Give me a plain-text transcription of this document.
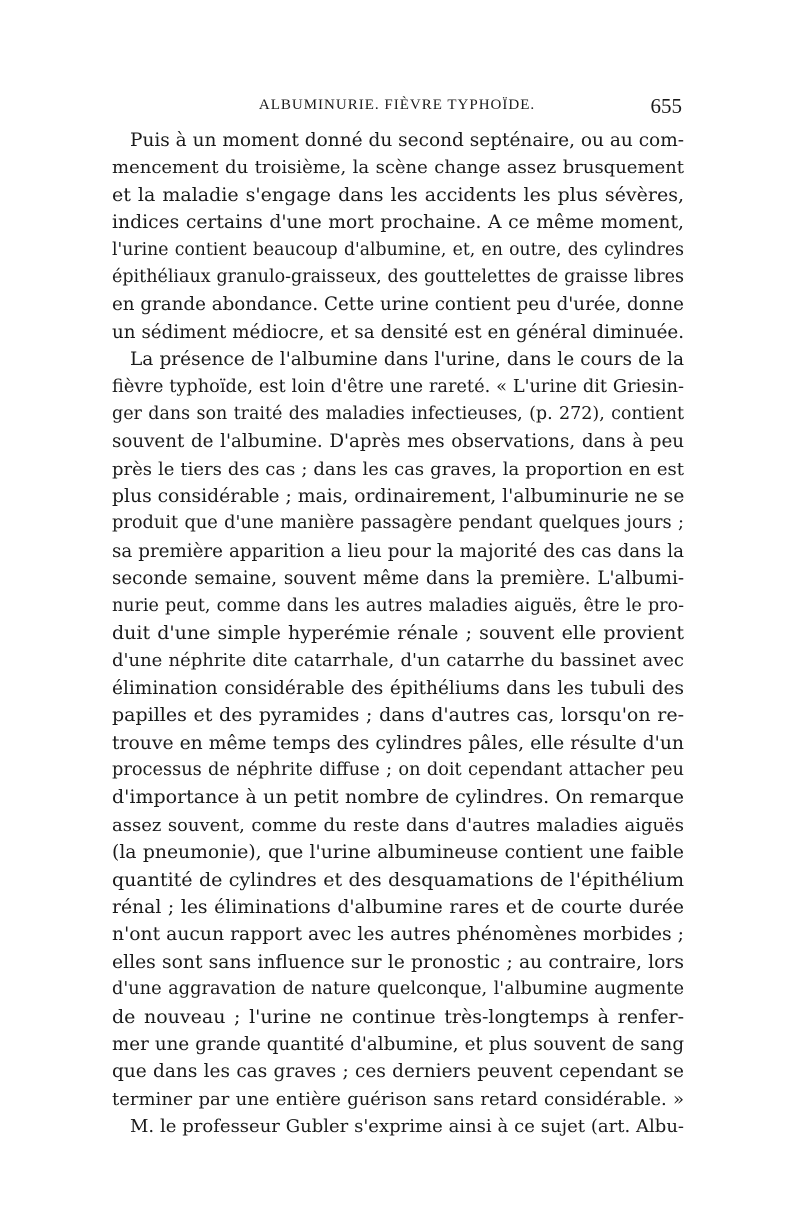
ALBUMINURIE. FIÈVRE TYPHOÏDE.	655
Puis à un moment donné du second septénaire, ou au com-
mencement du troisième, la scène change assez brusquement
et la maladie s'engage dans les accidents les plus sévères,
indices certains d'une mort prochaine. A ce même moment,
l'urine contient beaucoup d'albumine, et, en outre, des cylindres
épithéliaux granulo-graisseux, des gouttelettes de graisse libres
en grande abondance. Cette urine contient peu d'urée, donne
un sédiment médiocre, et sa densité est en général diminuée.
La présence de l'albumine dans l'urine, dans le cours de la
fièvre typhoïde, est loin d'être une rareté. « L'urine dit Griesin-
ger dans son traité des maladies infectieuses, (p. 272), contient
souvent de l'albumine. D'après mes observations, dans à peu
près le tiers des cas ; dans les cas graves, la proportion en est
plus considérable ; mais, ordinairement, l'albuminurie ne se
produit que d'une manière passagère pendant quelques jours ;
sa première apparition a lieu pour la majorité des cas dans la
seconde semaine, souvent même dans la première. L'albumi-
nurie peut, comme dans les autres maladies aiguës, être le pro-
duit d'une simple hyperémie rénale ; souvent elle provient
d'une néphrite dite catarrhale, d'un catarrhe du bassinet avec
élimination considérable des épithéliums dans les tubuli des
papilles et des pyramides ; dans d'autres cas, lorsqu'on re-
trouve en même temps des cylindres pâles, elle résulte d'un
processus de néphrite diffuse ; on doit cependant attacher peu
d'importance à un petit nombre de cylindres. On remarque
assez souvent, comme du reste dans d'autres maladies aiguës
(la pneumonie), que l'urine albumineuse contient une faible
quantité de cylindres et des desquamations de l'épithélium
rénal ; les éliminations d'albumine rares et de courte durée
n'ont aucun rapport avec les autres phénomènes morbides ;
elles sont sans influence sur le pronostic ; au contraire, lors
d'une aggravation de nature quelconque, l'albumine augmente
de nouveau ; l'urine ne continue très-longtemps à renfer-
mer une grande quantité d'albumine, et plus souvent de sang
que dans les cas graves ; ces derniers peuvent cependant se
terminer par une entière guérison sans retard considérable. »
M. le professeur Gubler s'exprime ainsi à ce sujet (art. Albu-
